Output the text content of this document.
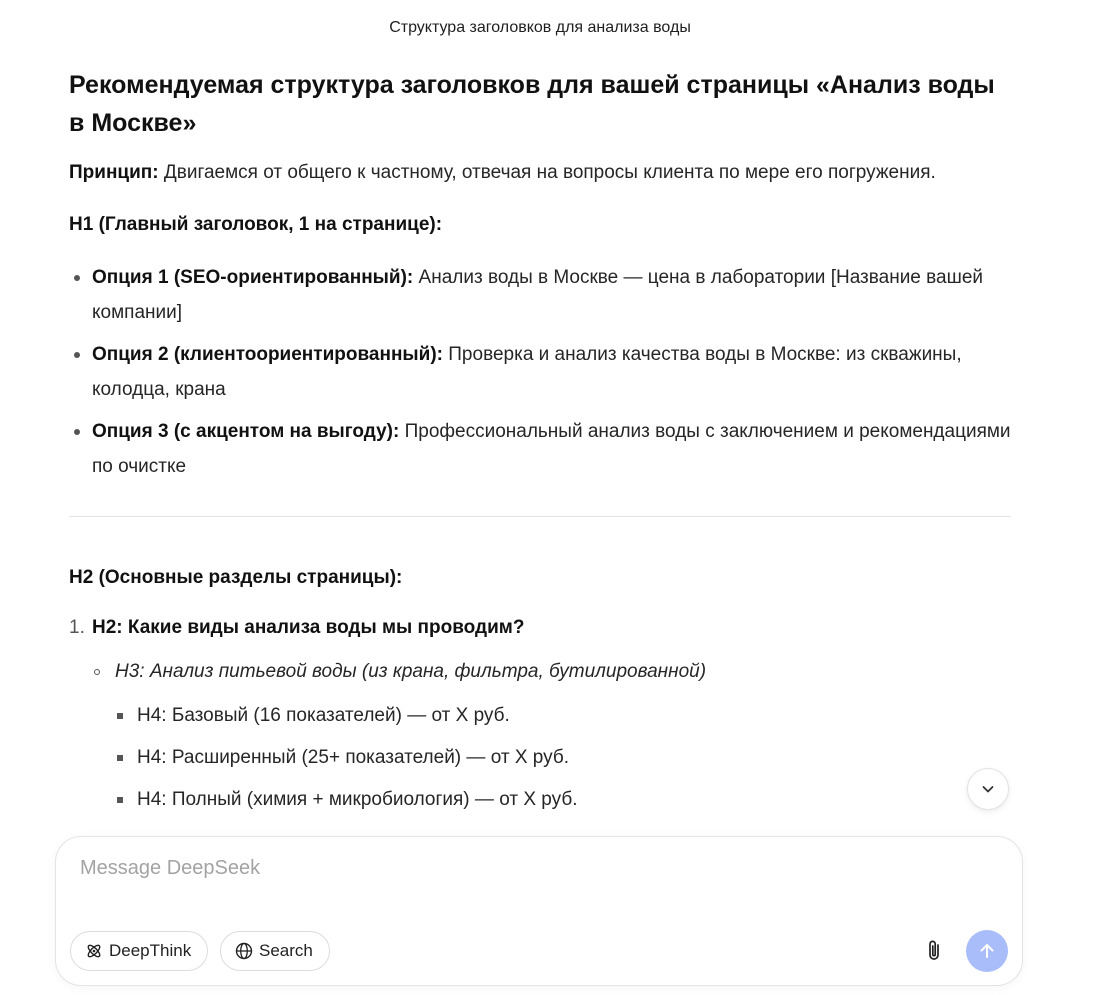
Структура заголовков для анализа воды
Рекомендуемая структура заголовков для вашей страницы «Анализ воды в Москве»

Принцип: Двигаемся от общего к частному, отвечая на вопросы клиента по мере его погружения.

H1 (Главный заголовок, 1 на странице):
Опция 1 (SEO-ориентированный): Анализ воды в Москве — цена в лаборатории [Название вашей компании]
Опция 2 (клиентоориентированный): Проверка и анализ качества воды в Москве: из скважины, колодца, крана
Опция 3 (с акцентом на выгоду): Профессиональный анализ воды с заключением и рекомендациями по очистке
H2 (Основные разделы страницы):
1. H2: Какие виды анализа воды мы проводим?
H3: Анализ питьевой воды (из крана, фильтра, бутилированной)
H4: Базовый (16 показателей) — от X руб.
H4: Расширенный (25+ показателей) — от X руб.
H4: Полный (химия + микробиология) — от X руб.
Message DeepSeek
DeepThink	Search
